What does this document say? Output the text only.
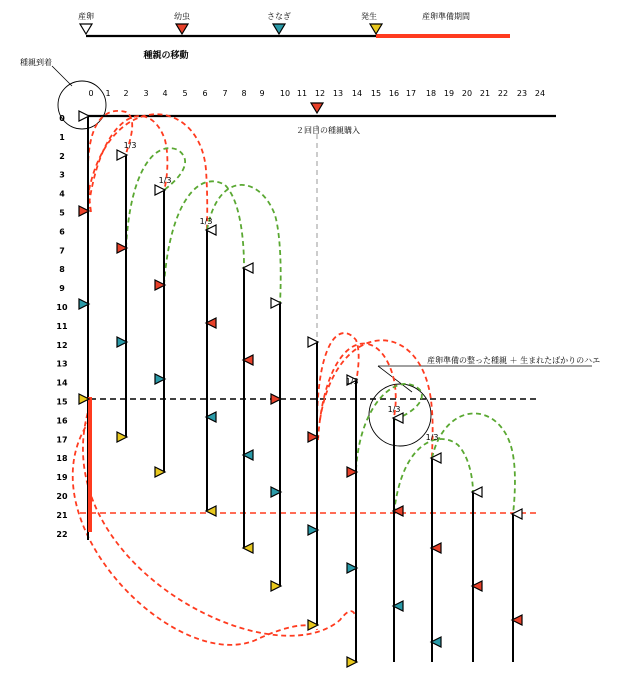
産卵	幼虫	さなぎ	発生	産卵準備期間
種親の移動
種親到着
0 1 2 3 4 5 6 7 8 9 10 11 12 13 14 15 16 17 18 19 20 21 22 23 24
0
1
2
3
4
5
6
7
8
9
10
11
12
13
14
15
16
17
18
19
20
21
22
２回目の種親購入
産卵準備の整った種親 ＋ 生まれたばかりのハエ
1/3
1/3
1/3
1/3
1/3
1/3
